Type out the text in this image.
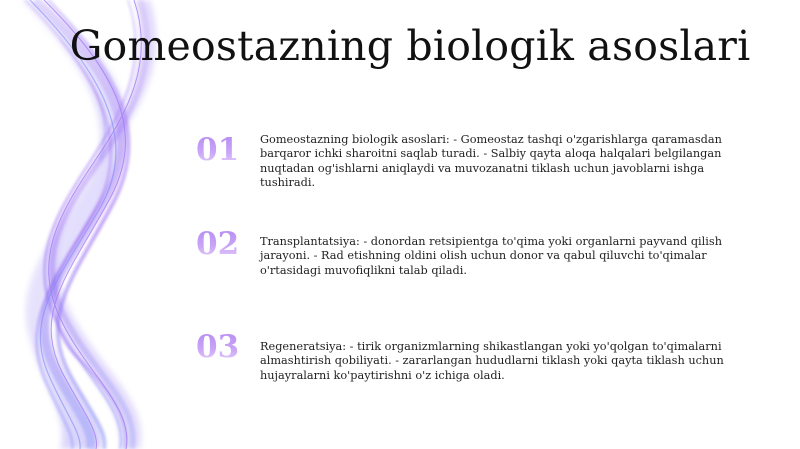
Gomeostazning biologik asoslari
01	Gomeostazning biologik asoslari: - Gomeostaz tashqi o'zgarishlarga qaramasdan barqaror ichki sharoitni saqlab turadi. - Salbiy qayta aloqa halqalari belgilangan nuqtadan og'ishlarni aniqlaydi va muvozanatni tiklash uchun javoblarni ishga tushiradi.
02	Transplantatsiya: - donordan retsipientga to'qima yoki organlarni payvand qilish jarayoni. - Rad etishning oldini olish uchun donor va qabul qiluvchi to'qimalar o'rtasidagi muvofiqlikni talab qiladi.
03	Regeneratsiya: - tirik organizmlarning shikastlangan yoki yo'qolgan to'qimalarni almashtirish qobiliyati. - zararlangan hududlarni tiklash yoki qayta tiklash uchun hujayralarni ko'paytirishni o'z ichiga oladi.
